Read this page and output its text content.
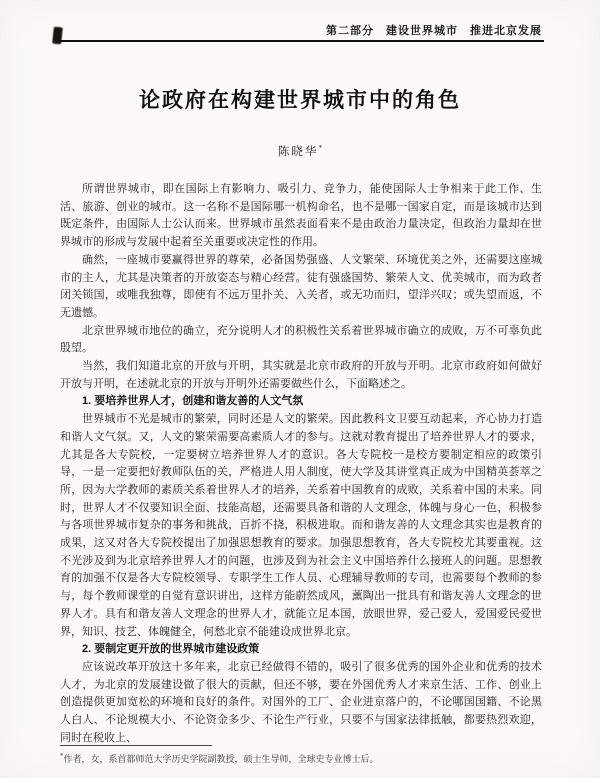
第二部分　建设世界城市　推进北京发展
论政府在构建世界城市中的角色
陈晓华*

所谓世界城市，即在国际上有影响力、吸引力、竞争力，能使国际人士争相来于此工作、生活、旅游、创业的城市。这一名称不是国际哪一机构命名，也不是哪一国家自定，而是该城市达到既定条件，由国际人士公认而来。世界城市虽然表面看来不是由政治力量决定，但政治力量却在世界城市的形成与发展中起着至关重要或决定性的作用。

确然，一座城市要赢得世界的尊荣，必备国势强盛、人文繁荣、环境优美之外，还需要这座城市的主人，尤其是决策者的开放姿态与精心经营。徒有强盛国势、繁荣人文、优美城市，而为政者闭关锁国，或唯我独尊，即使有不远万里扑关、入关者，或无功而归，望洋兴叹；或失望而返，不无遗憾。

北京世界城市地位的确立，充分说明人才的积极性关系着世界城市确立的成败，万不可辜负此殷望。

当然，我们知道北京的开放与开明，其实就是北京市政府的开放与开明。北京市政府如何做好开放与开明，在述就北京的开放与开明外还需要做些什么，下面略述之。

1. 要培养世界人才，创建和谐友善的人文气氛

世界城市不光是城市的繁荣，同时还是人文的繁荣。因此教科文卫要互动起来，齐心协力打造和谐人文气氛。又，人文的繁荣需要高素质人才的参与。这就对教育提出了培养世界人才的要求，尤其是各大专院校，一定要树立培养世界人才的意识。各大专院校一是校方要制定相应的政策引导，一是一定要把好教师队伍的关，严格进人用人制度，使大学及其讲堂真正成为中国精英荟萃之所，因为大学教师的素质关系着世界人才的培养，关系着中国教育的成败，关系着中国的未来。同时，世界人才不仅要知识全面、技能高超，还需要具备和谐的人文理念，体魄与身心一色，积极参与各项世界城市复杂的事务和挑战，百折不挠，积极进取。而和谐友善的人文理念其实也是教育的成果，这又对各大专院校提出了加强思想教育的要求。加强思想教育，各大专院校尤其要重视。这不光涉及到为北京培养世界人才的问题，也涉及到为社会主义中国培养什么接班人的问题。思想教育的加强不仅是各大专院校领导、专职学生工作人员、心理辅导教师的专司，也需要每个教师的参与，每个教师课堂的自觉有意识讲出，这样方能蔚然成风，薰陶出一批具有和谐友善人文理念的世界人才。具有和谐友善人文理念的世界人才，就能立足本国，放眼世界，爱己爱人，爱国爱民爱世界，知识、技艺、体魄健全，何愁北京不能建设成世界北京。

2. 要制定更开放的世界城市建设政策

应该说改革开放这十多年来，北京已经做得不错的，吸引了很多优秀的国外企业和优秀的技术人才，为北京的发展建设做了很大的贡献，但还不够，要在外国优秀人才来京生活、工作、创业上创造提供更加宽松的环境和良好的条件。对国外的工厂、企业进京落户的，不论哪国国籍、不论黑人白人、不论规模大小、不论资金多少、不论生产行业，只要不与国家法律抵触，都要热烈欢迎，同时在税收上、

*作者，女，系首都师范大学历史学院副教授，硕士生导师，全球史专业博士后。
